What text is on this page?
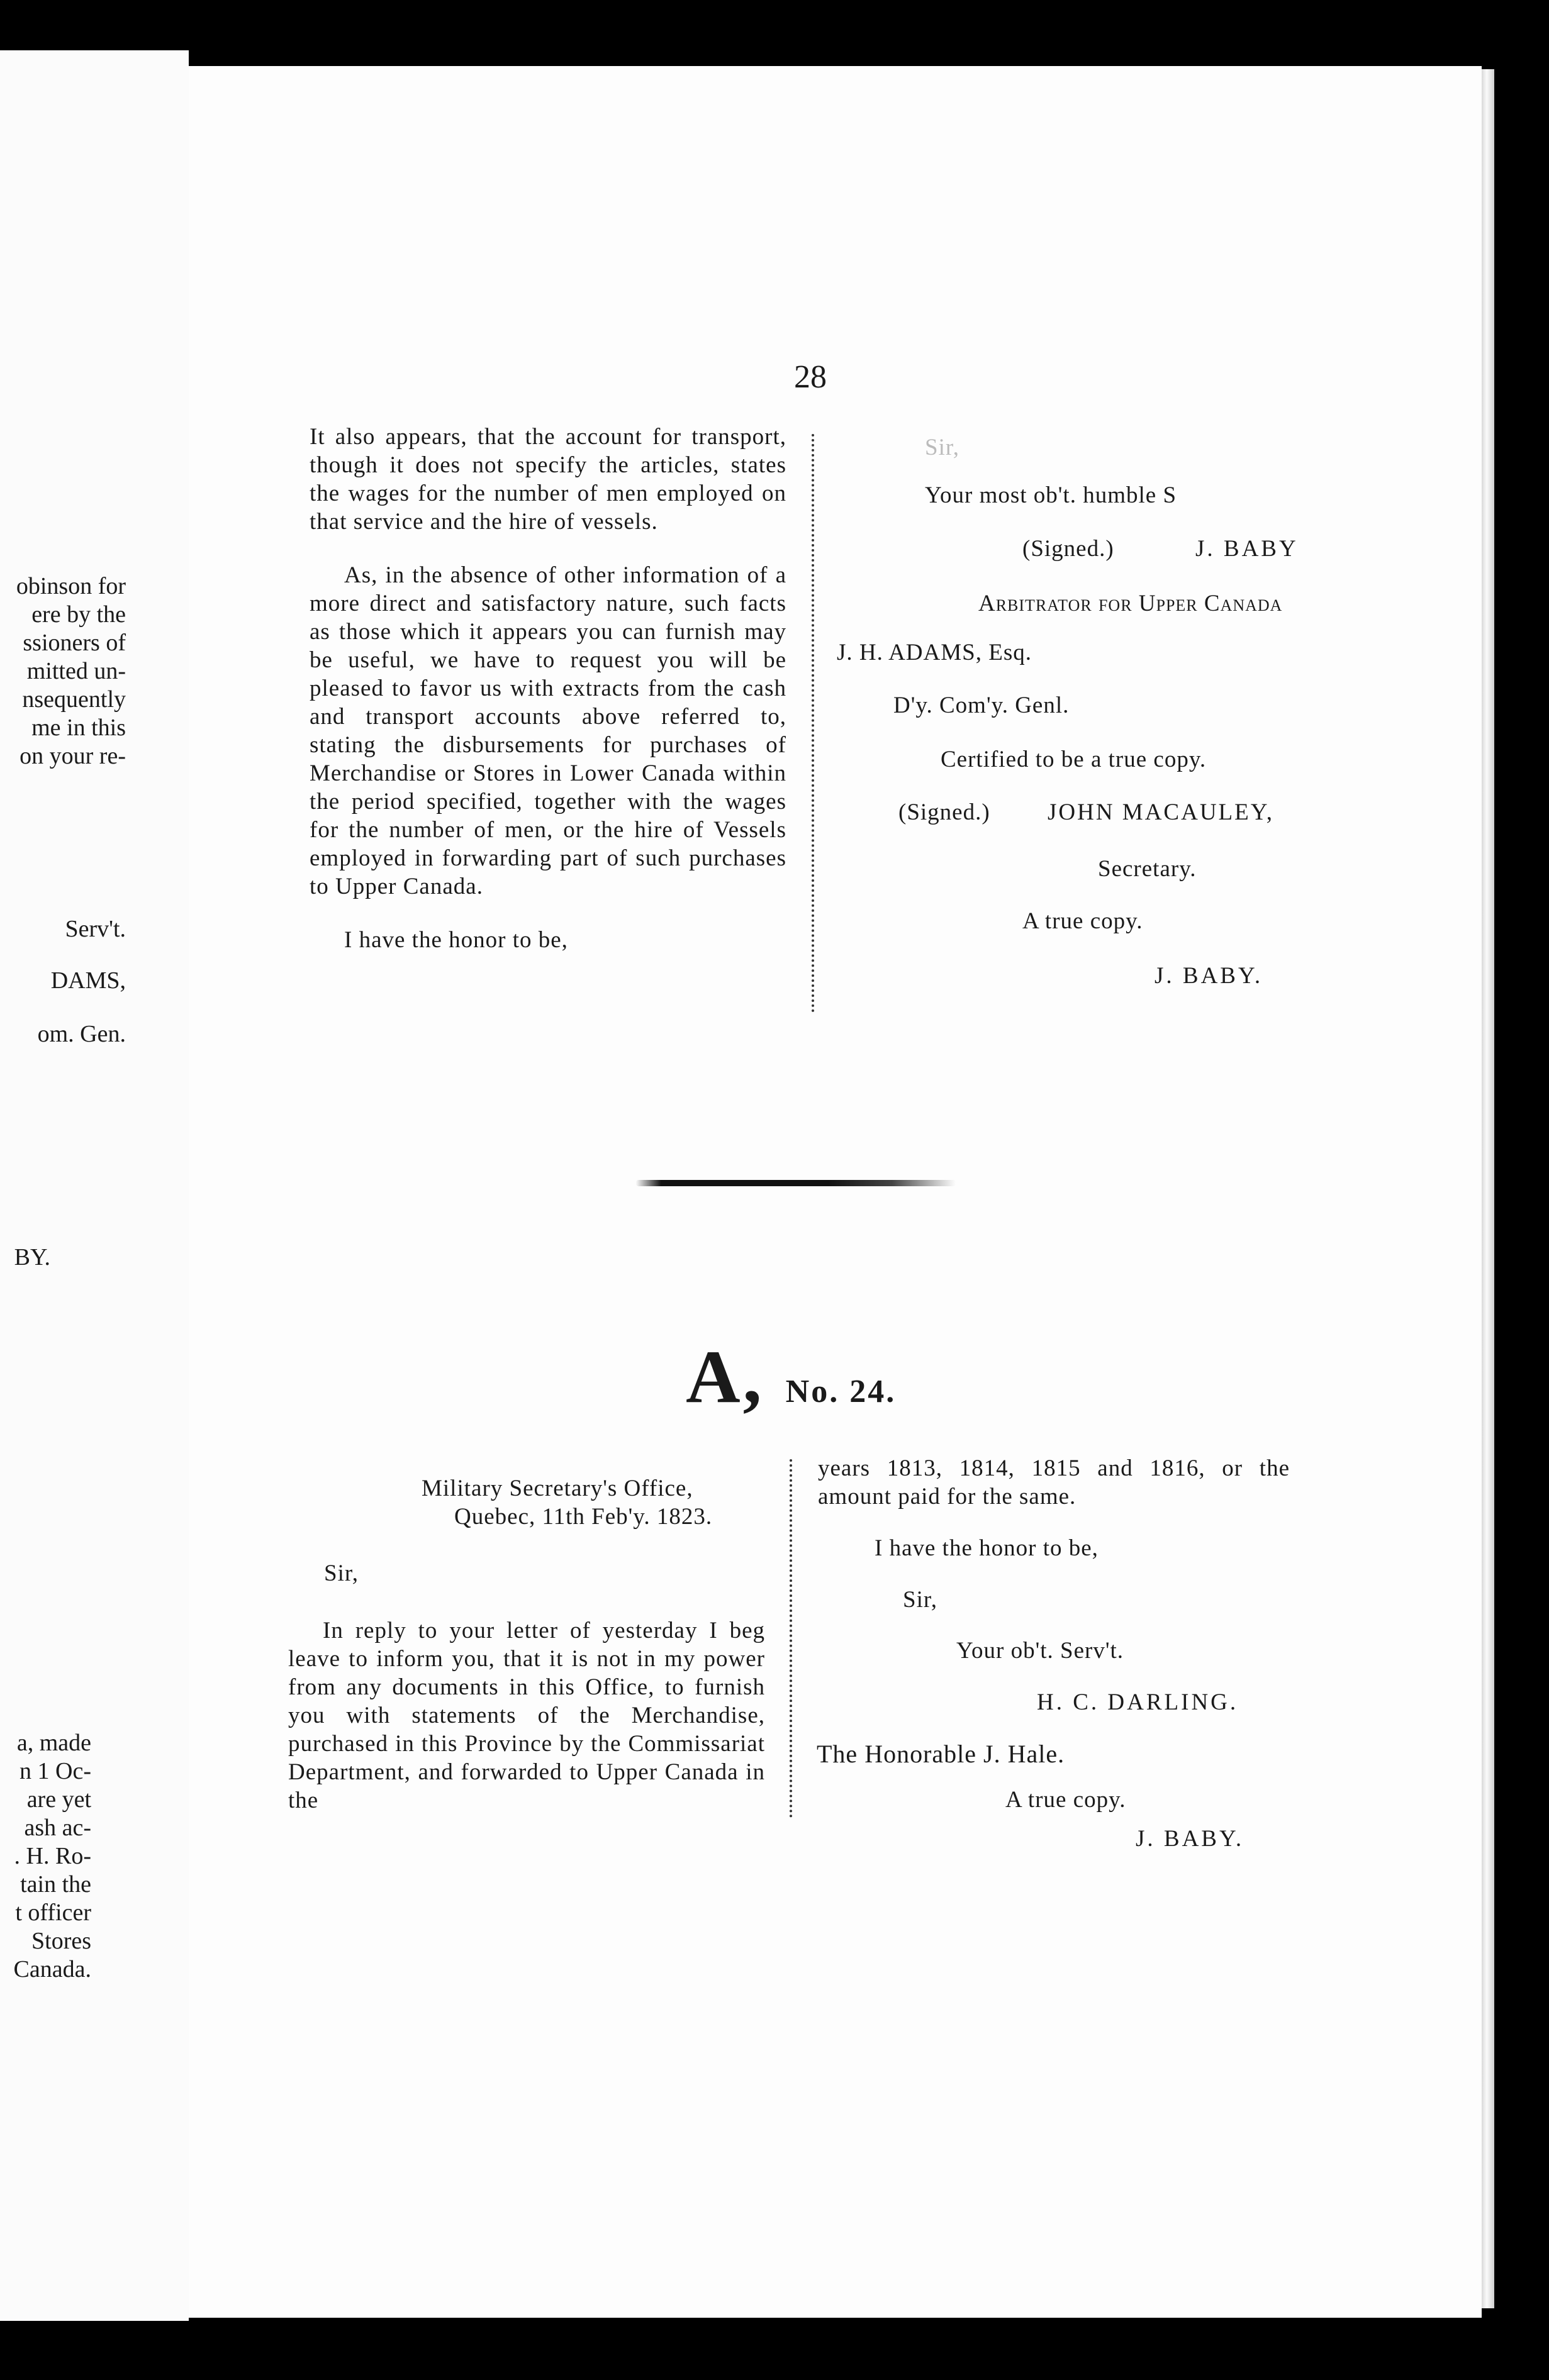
obinson for
ere by the
ssioners of
mitted un-
nsequently
me in this
on your re-
Serv't.
DAMS,
om. Gen.
BY.
a, made
n 1 Oc-
are yet
ash ac-
. H. Ro-
tain the
t officer
Stores
Canada.
28

It also appears, that the account for transport, though it does not specify the articles, states the wages for the number of men employed on that service and the hire of vessels.

As, in the absence of other information of a more direct and satisfactory nature, such facts as those which it appears you can furnish may be useful, we have to request you will be pleased to favor us with extracts from the cash and transport accounts above referred to, stating the disbursements for purchases of Merchandise or Stores in Lower Canada within the period specified, together with the wages for the number of men, or the hire of Vessels employed in forwarding part of such purchases to Upper Canada.

I have the honor to be,

Sir,
Your most ob't. humble S
(Signed.)	J. BABY
Arbitrator for Upper Canada
J. H. ADAMS, Esq.
D'y. Com'y. Genl.
Certified to be a true copy.
(Signed.) JOHN MACAULEY,
Secretary.
A true copy.
J. BABY.
A, No. 24.
Military Secretary's Office,
Quebec, 11th Feb'y. 1823.
Sir,

In reply to your letter of yesterday I beg leave to inform you, that it is not in my power from any documents in this Office, to furnish you with statements of the Merchandise, purchased in this Province by the Commissariat Department, and forwarded to Upper Canada in the

years 1813, 1814, 1815 and 1816, or the amount paid for the same.

I have the honor to be,
Sir,
Your ob't. Serv't.
H. C. DARLING.
The Honorable J. Hale.
A true copy.
J. BABY.
